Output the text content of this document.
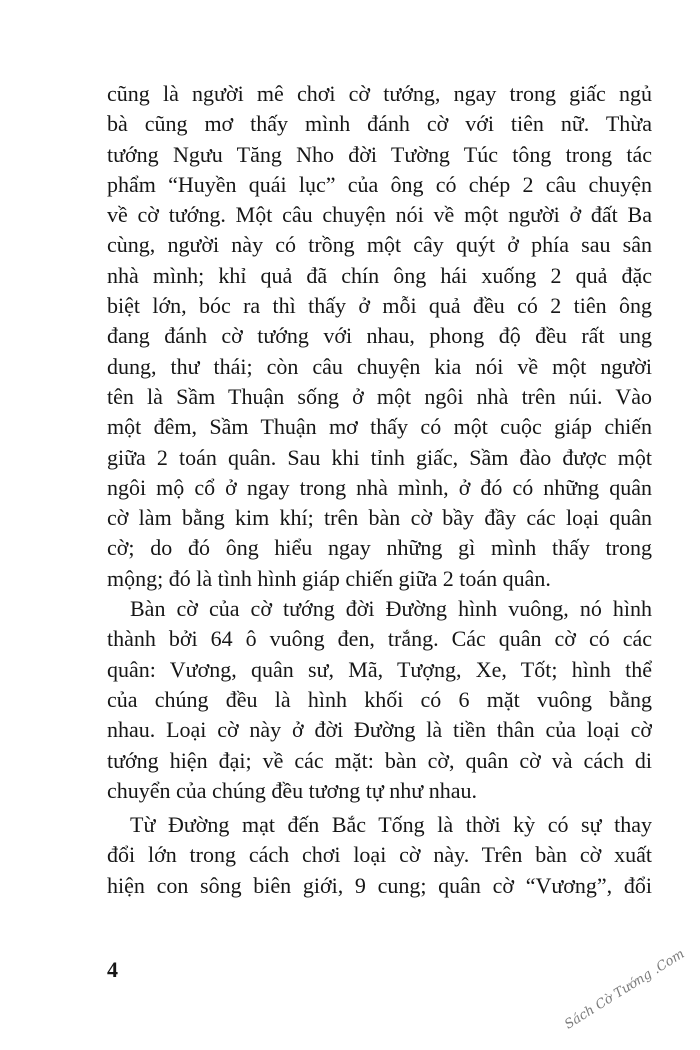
cũng là người mê chơi cờ tướng, ngay trong giấc ngủ
bà cũng mơ thấy mình đánh cờ với tiên nữ. Thừa
tướng Ngưu Tăng Nho đời Tường Túc tông trong tác
phẩm “Huyền quái lục” của ông có chép 2 câu chuyện
về cờ tướng. Một câu chuyện nói về một người ở đất Ba
cùng, người này có trồng một cây quýt ở phía sau sân
nhà mình; khỉ quả đã chín ông hái xuống 2 quả đặc
biệt lớn, bóc ra thì thấy ở mỗi quả đều có 2 tiên ông
đang đánh cờ tướng với nhau, phong độ đều rất ung
dung, thư thái; còn câu chuyện kia nói về một người
tên là Sầm Thuận sống ở một ngôi nhà trên núi. Vào
một đêm, Sầm Thuận mơ thấy có một cuộc giáp chiến
giữa 2 toán quân. Sau khi tỉnh giấc, Sầm đào được một
ngôi mộ cổ ở ngay trong nhà mình, ở đó có những quân
cờ làm bằng kim khí; trên bàn cờ bầy đầy các loại quân
cờ; do đó ông hiểu ngay những gì mình thấy trong
mộng; đó là tình hình giáp chiến giữa 2 toán quân.
Bàn cờ của cờ tướng đời Đường hình vuông, nó hình
thành bởi 64 ô vuông đen, trắng. Các quân cờ có các
quân: Vương, quân sư, Mã, Tượng, Xe, Tốt; hình thể
của chúng đều là hình khối có 6 mặt vuông bằng
nhau. Loại cờ này ở đời Đường là tiền thân của loại cờ
tướng hiện đại; về các mặt: bàn cờ, quân cờ và cách di
chuyển của chúng đều tương tự như nhau.
Từ Đường mạt đến Bắc Tống là thời kỳ có sự thay
đổi lớn trong cách chơi loại cờ này. Trên bàn cờ xuất
hiện con sông biên giới, 9 cung; quân cờ “Vương”, đổi
4	Sách Cờ Tướng .Com
